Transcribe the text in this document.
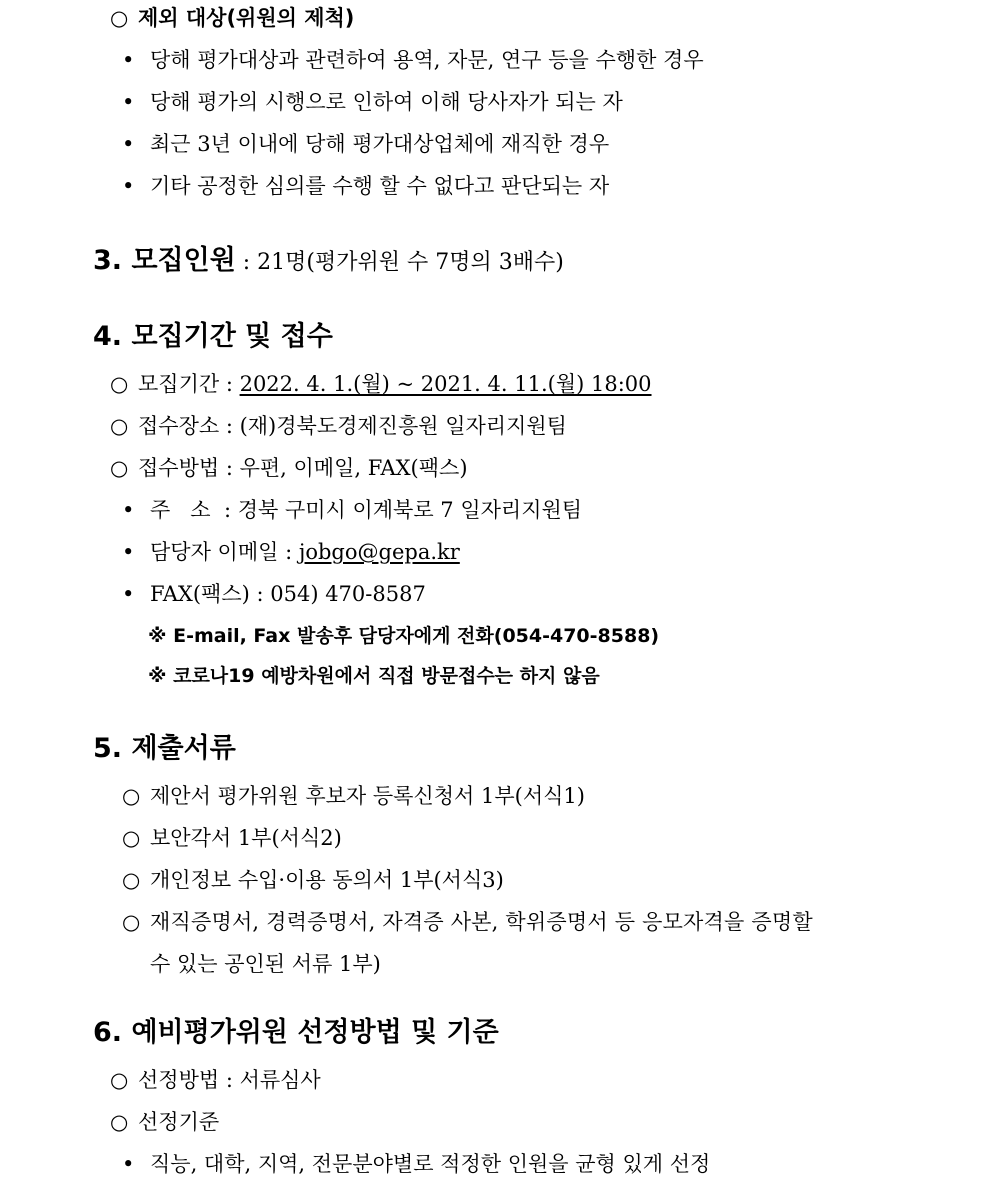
○ 제외 대상(위원의 제척)
• 당해 평가대상과 관련하여 용역, 자문, 연구 등을 수행한 경우
• 당해 평가의 시행으로 인하여 이해 당사자가 되는 자
• 최근 3년 이내에 당해 평가대상업체에 재직한 경우
• 기타 공정한 심의를 수행 할 수 없다고 판단되는 자
3. 모집인원 : 21명(평가위원 수 7명의 3배수)
4. 모집기간 및 접수
○ 모집기간 : 2022. 4. 1.(월) ~ 2021. 4. 11.(월) 18:00
○ 접수장소 : (재)경북도경제진흥원 일자리지원팀
○ 접수방법 : 우편, 이메일, FAX(팩스)
• 주   소  : 경북 구미시 이계북로 7 일자리지원팀
• 담당자 이메일 : jobgo@gepa.kr
• FAX(팩스) : 054) 470-8587
※ E-mail, Fax 발송후 담당자에게 전화(054-470-8588)
※ 코로나19 예방차원에서 직접 방문접수는 하지 않음
5. 제출서류
○ 제안서 평가위원 후보자 등록신청서 1부(서식1)
○ 보안각서 1부(서식2)
○ 개인정보 수입·이용 동의서 1부(서식3)
○ 재직증명서, 경력증명서, 자격증 사본, 학위증명서 등 응모자격을 증명할
수 있는 공인된 서류 1부)
6. 예비평가위원 선정방법 및 기준
○ 선정방법 : 서류심사
○ 선정기준
• 직능, 대학, 지역, 전문분야별로 적정한 인원을 균형 있게 선정
